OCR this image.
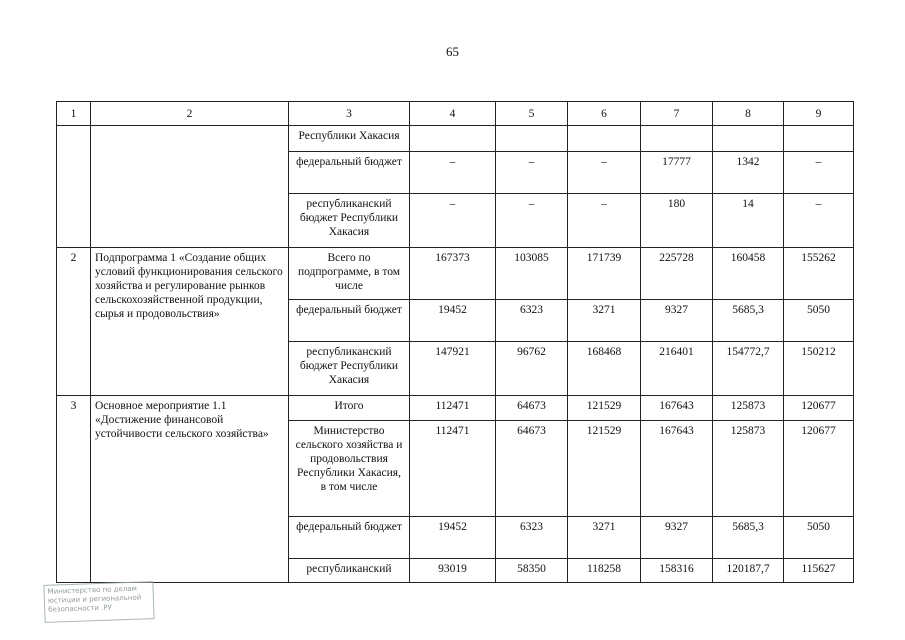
65
1	2	3	4	5	6	7	8	9
		Республики Хакасия						
		федеральный бюджет	–	–	–	17777	1342	–
		республиканский бюджет Республики Хакасия	–	–	–	180	14	–
2	Подпрограмма 1 «Создание общих условий функционирования сельского хозяйства и регулирование рынков сельскохозяйственной продукции, сырья и продовольствия»	Всего по подпрограмме, в том числе	167373	103085	171739	225728	160458	155262
		федеральный бюджет	19452	6323	3271	9327	5685,3	5050
		республиканский бюджет Республики Хакасия	147921	96762	168468	216401	154772,7	150212
3	Основное мероприятие 1.1 «Достижение финансовой устойчивости сельского хозяйства»	Итого	112471	64673	121529	167643	125873	120677
		Министерство сельского хозяйства и продовольствия Республики Хакасия, в том числе	112471	64673	121529	167643	125873	120677
		федеральный бюджет	19452	6323	3271	9327	5685,3	5050
		республиканский	93019	58350	118258	158316	120187,7	115627
Министерство по делам юстиции и региональной безопасности .РУ
